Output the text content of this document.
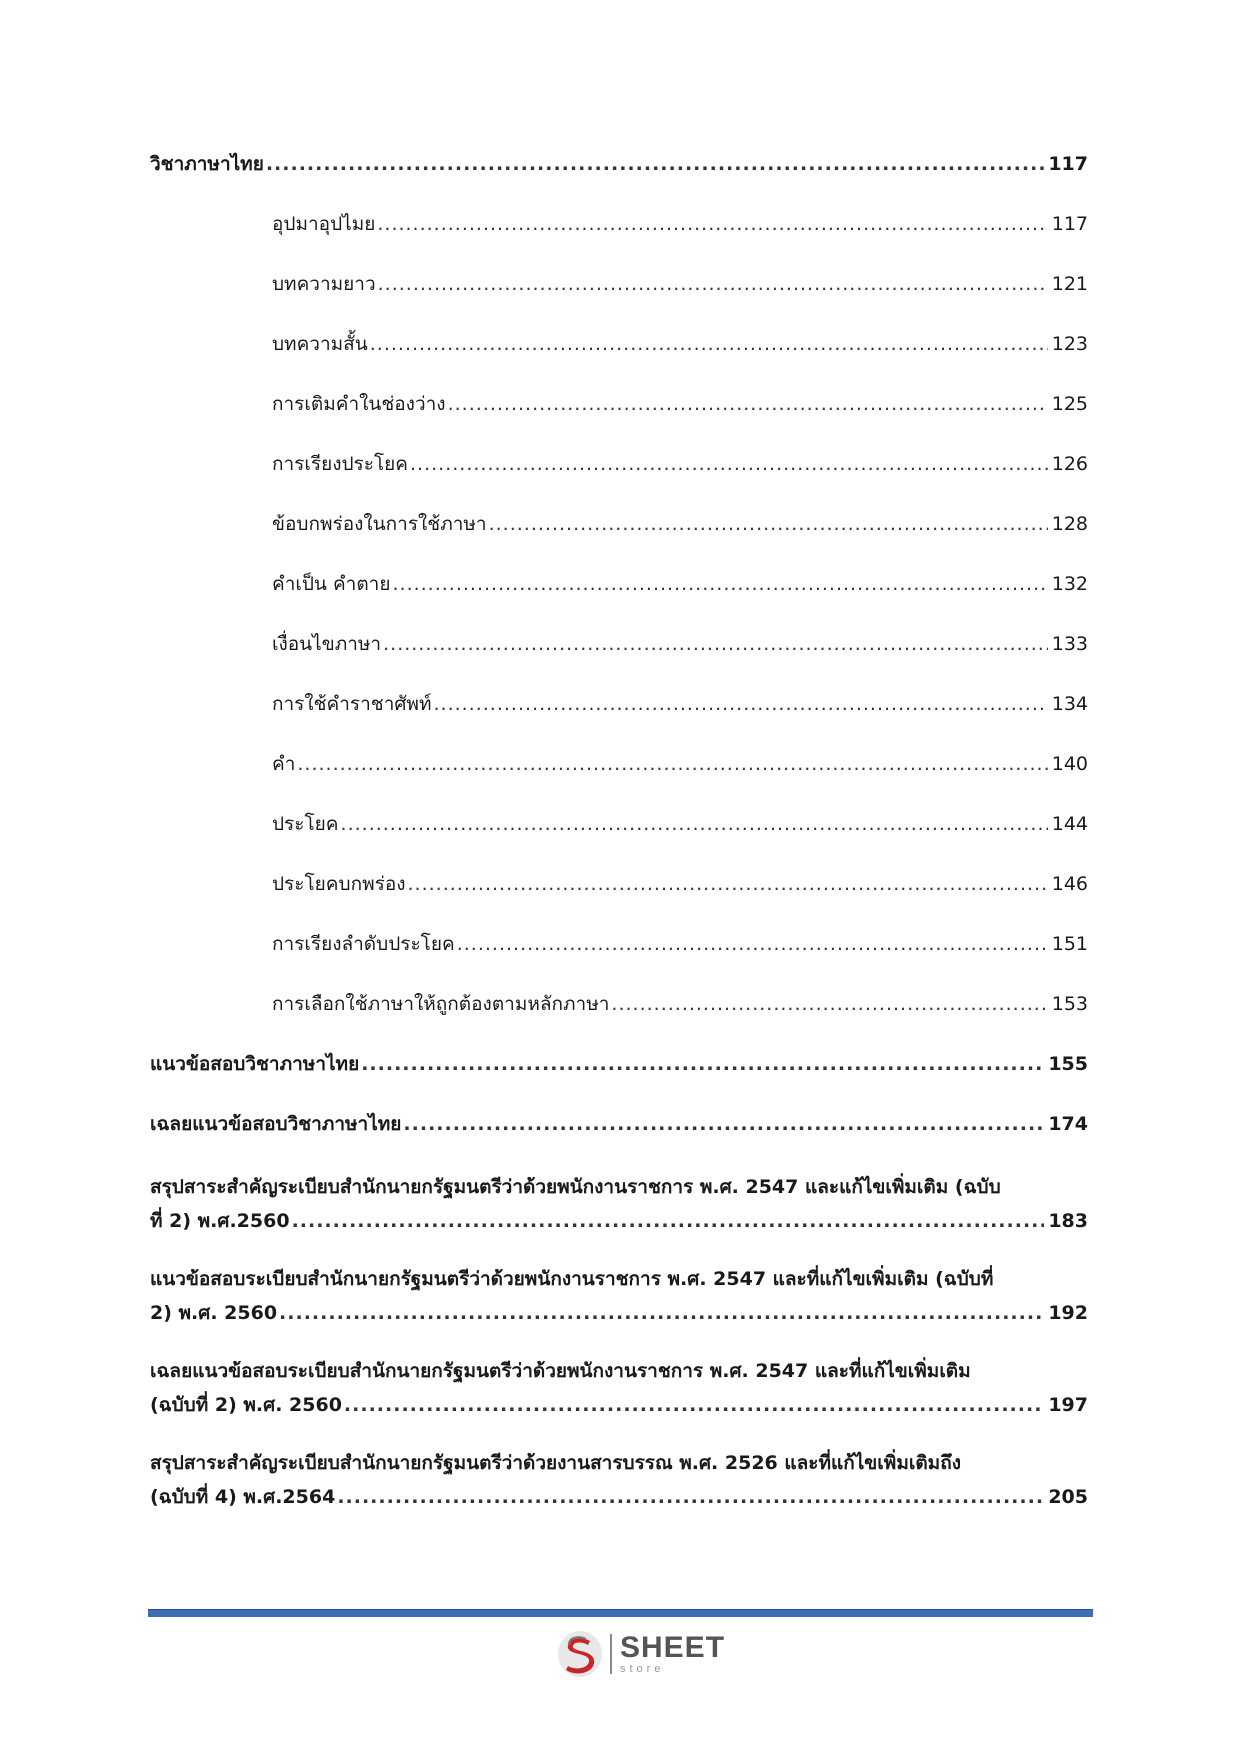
วิชาภาษาไทย .....	117
อุปมาอุปไมย .....	117
บทความยาว .....	121
บทความสั้น .....	123
การเติมคำในช่องว่าง .....	125
การเรียงประโยค .....	126
ข้อบกพร่องในการใช้ภาษา .....	128
คำเป็น คำตาย .....	132
เงื่อนไขภาษา .....	133
การใช้คำราชาศัพท์ .....	134
คำ .....	140
ประโยค .....	144
ประโยคบกพร่อง .....	146
การเรียงลำดับประโยค .....	151
การเลือกใช้ภาษาให้ถูกต้องตามหลักภาษา .....	153
แนวข้อสอบวิชาภาษาไทย .....	155
เฉลยแนวข้อสอบวิชาภาษาไทย .....	174
สรุปสาระสำคัญระเบียบสำนักนายกรัฐมนตรีว่าด้วยพนักงานราชการ พ.ศ. 2547 และแก้ไขเพิ่มเติม (ฉบับ
ที่ 2) พ.ศ.2560 .....	183
แนวข้อสอบระเบียบสำนักนายกรัฐมนตรีว่าด้วยพนักงานราชการ พ.ศ. 2547 และที่แก้ไขเพิ่มเติม (ฉบับที่
2) พ.ศ. 2560 .....	192
เฉลยแนวข้อสอบระเบียบสำนักนายกรัฐมนตรีว่าด้วยพนักงานราชการ พ.ศ. 2547 และที่แก้ไขเพิ่มเติม
(ฉบับที่ 2) พ.ศ. 2560 .....	197
สรุปสาระสำคัญระเบียบสำนักนายกรัฐมนตรีว่าด้วยงานสารบรรณ พ.ศ. 2526 และที่แก้ไขเพิ่มเติมถึง
(ฉบับที่ 4) พ.ศ.2564 .....	205
SHEET
store
